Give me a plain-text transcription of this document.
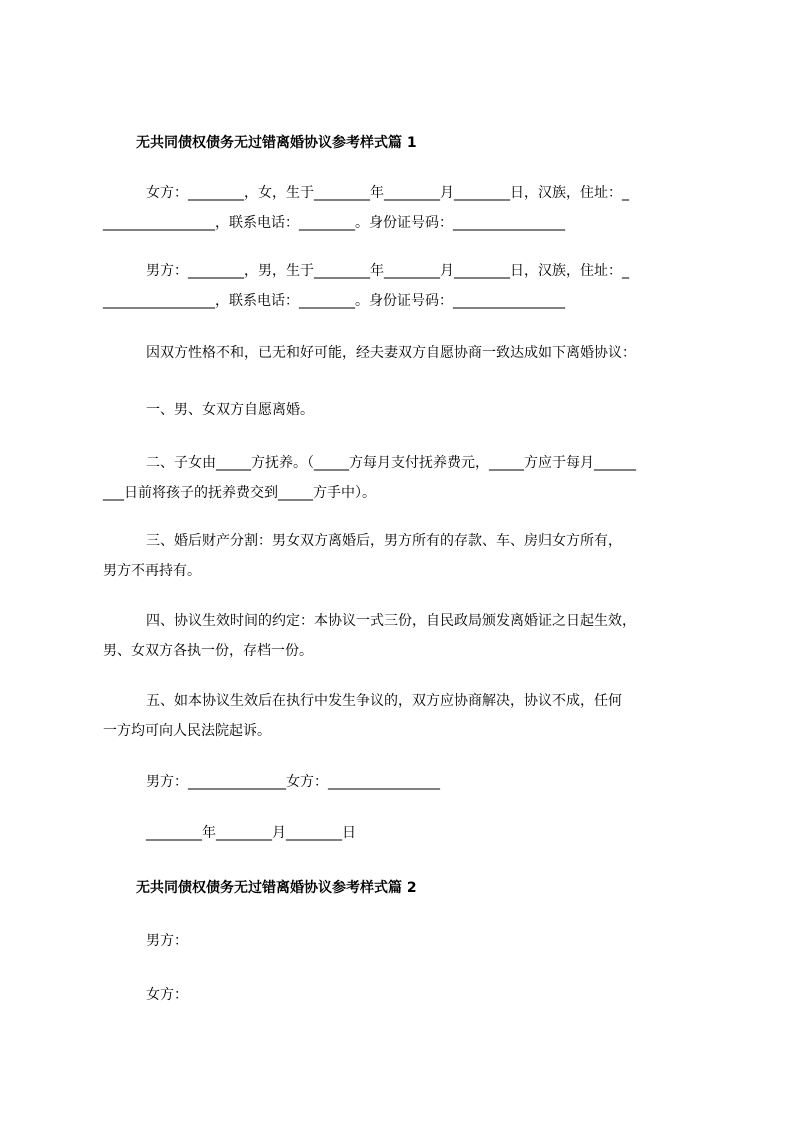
无共同债权债务无过错离婚协议参考样式篇 1
女方：________，女，生于________年________月________日，汉族，住址：_
________________，联系电话：________。身份证号码：________________
男方：________，男，生于________年________月________日，汉族，住址：_
________________，联系电话：________。身份证号码：________________
因双方性格不和，已无和好可能，经夫妻双方自愿协商一致达成如下离婚协议：
一、男、女双方自愿离婚。
二、子女由_____方抚养。（_____方每月支付抚养费元，_____方应于每月______
___日前将孩子的抚养费交到_____方手中）。
三、婚后财产分割：男女双方离婚后，男方所有的存款、车、房归女方所有，
男方不再持有。
四、协议生效时间的约定：本协议一式三份，自民政局颁发离婚证之日起生效，
男、女双方各执一份，存档一份。
五、如本协议生效后在执行中发生争议的，双方应协商解决，协议不成，任何
一方均可向人民法院起诉。
男方：______________女方：________________
________年________月________日
无共同债权债务无过错离婚协议参考样式篇 2
男方：
女方：
